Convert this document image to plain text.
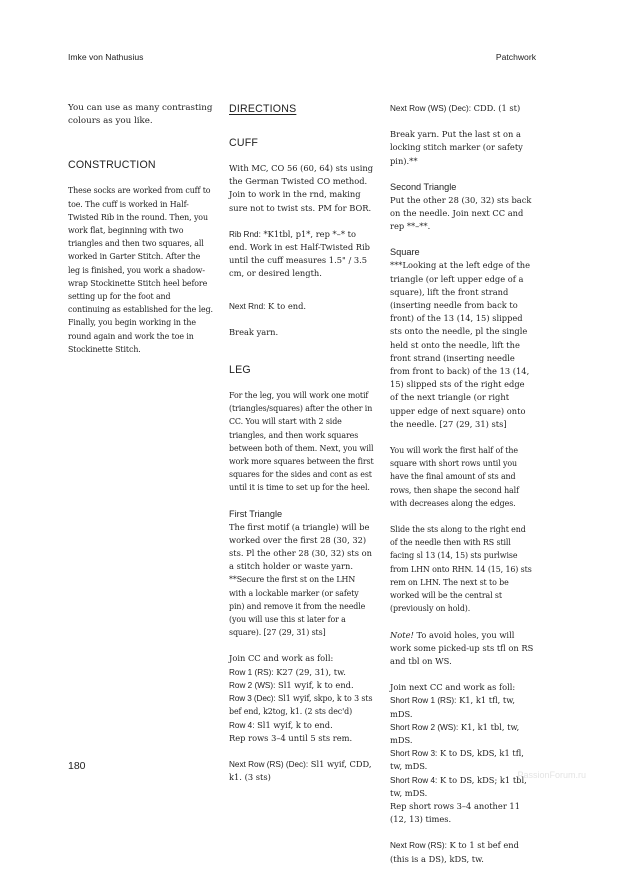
Imke von Nathusius	Patchwork

You can use as many contrasting colours as you like.

CONSTRUCTION

These socks are worked from cuff to toe. The cuff is worked in Half-Twisted Rib in the round. Then, you work flat, beginning with two triangles and then two squares, all worked in Garter Stitch. After the leg is finished, you work a shadow-wrap Stockinette Stitch heel before setting up for the foot and continuing as established for the leg. Finally, you begin working in the round again and work the toe in Stockinette Stitch.

DIRECTIONS
CUFF

With MC, CO 56 (60, 64) sts using the German Twisted CO method. Join to work in the rnd, making sure not to twist sts. PM for BOR.

Rib Rnd: *K1tbl, p1*, rep *–* to end. Work in est Half-Twisted Rib until the cuff measures 1.5" / 3.5 cm, or desired length.

Next Rnd: K to end.

Break yarn.

LEG

For the leg, you will work one motif (triangles/squares) after the other in CC. You will start with 2 side triangles, and then work squares between both of them. Next, you will work more squares between the first squares for the sides and cont as est until it is time to set up for the heel.

First Triangle

The first motif (a triangle) will be worked over the first 28 (30, 32) sts. Pl the other 28 (30, 32) sts on a stitch holder or waste yarn.

**Secure the first st on the LHN with a lockable marker (or safety pin) and remove it from the needle (you will use this st later for a square). [27 (29, 31) sts]

Join CC and work as foll:

Row 1 (RS): K27 (29, 31), tw.
Row 2 (WS): Sl1 wyif, k to end.
Row 3 (Dec): Sl1 wyif, skpo, k to 3 sts bef end, k2tog, k1. (2 sts dec'd)
Row 4: Sl1 wyif, k to end.

Rep rows 3–4 until 5 sts rem.

Next Row (RS) (Dec): Sl1 wyif, CDD, k1. (3 sts)

Next Row (WS) (Dec): CDD. (1 st)

Break yarn. Put the last st on a locking stitch marker (or safety pin).**

Second Triangle

Put the other 28 (30, 32) sts back on the needle. Join next CC and rep **–**.

Square

***Looking at the left edge of the triangle (or left upper edge of a square), lift the front strand (inserting needle from back to front) of the 13 (14, 15) slipped sts onto the needle, pl the single held st onto the needle, lift the front strand (inserting needle from front to back) of the 13 (14, 15) slipped sts of the right edge of the next triangle (or right upper edge of next square) onto the needle. [27 (29, 31) sts]

You will work the first half of the square with short rows until you have the final amount of sts and rows, then shape the second half with decreases along the edges.

Slide the sts along to the right end of the needle then with RS still facing sl 13 (14, 15) sts purlwise from LHN onto RHN. 14 (15, 16) sts rem on LHN. The next st to be worked will be the central st (previously on hold).

Note! To avoid holes, you will work some picked-up sts tfl on RS and tbl on WS.

Join next CC and work as foll:

Short Row 1 (RS): K1, k1 tfl, tw, mDS.
Short Row 2 (WS): K1, k1 tbl, tw, mDS.
Short Row 3: K to DS, kDS, k1 tfl, tw, mDS.
Short Row 4: K to DS, kDS; k1 tbl, tw, mDS.

Rep short rows 3–4 another 11 (12, 13) times.

Next Row (RS): K to 1 st bef end (this is a DS), kDS, tw.

180
PassionForum.ru
